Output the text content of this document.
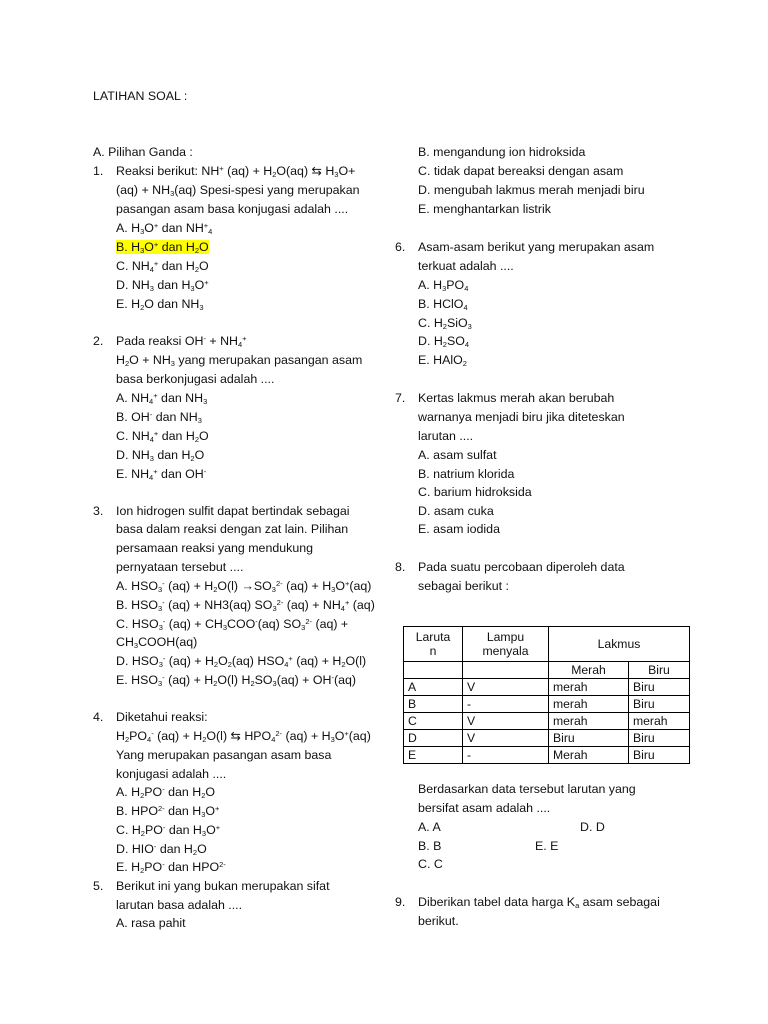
LATIHAN SOAL :
A. Pilihan Ganda :
1. Reaksi berikut: NH+ $(aq) + H_2O(aq)$ ⇆ $H_3O+$
$(aq) + NH_3(aq)$ Spesi-spesi yang merupakan
pasangan asam basa konjugasi adalah ....
A. $H_3O^+$ dan $NH^+_4$
B. $H_3O^+$ dan $H_2O$
C. $NH_4^+$ dan $H_2O$
D. $NH_3$ dan $H_3O^+$
E. $H_2O$ dan $NH_3$
2. Pada reaksi $OH^- + NH_4^+$
$H_2O + NH_3$ yang merupakan pasangan asam
basa berkonjugasi adalah ....
A. $NH_4^+$ dan $NH_3$
B. OH- dan $NH_3$
C. $NH_4^+$ dan $H_2O$
D. $NH_3$ dan $H_2O$
E. $NH_4^+$ dan OH-
3. Ion hidrogen sulfit dapat bertindak sebagai
basa dalam reaksi dengan zat lain. Pilihan
persamaan reaksi yang mendukung
pernyataan tersebut ....
A. $HSO_3^-$ $(aq) + H_2O(l) \to SO_3^{2-}$ $(aq) + H_3O^+(aq)$
B. $HSO_3^-$ (aq) + NH3(aq) $SO_3^{2-}$ $(aq) + NH_4^+$ (aq)
C. $HSO_3^-$ $(aq) + CH_3COO^-(aq)$ $SO_3^{2-}$ (aq) +
$CH_3COOH(aq)$
D. $HSO_3^-$ $(aq) + H_2O_2(aq)$ $HSO_4^+$ $(aq) + H_2O(l)$
E. $HSO_3^-$ $(aq) + H_2O(l) H_2SO_3(aq) + OH^-(aq)$
4. Diketahui reaksi:
$H_2PO_4^-$ $(aq) + H_2O(l)$ ⇆ $HPO_4^{2-}$ $(aq) + H_3O^+(aq)$
Yang merupakan pasangan asam basa
konjugasi adalah ....
A. $H_2PO^-$ dan $H_2O$
B. $HPO^{2-}$ dan $H_3O^+$
C. $H_2PO^-$ dan $H_3O^+$
D. HIO- dan $H_2O$
E. $H_2PO^-$ dan $HPO^{2-}$
5. Berikut ini yang bukan merupakan sifat
larutan basa adalah ....
A. rasa pahit
B. mengandung ion hidroksida
C. tidak dapat bereaksi dengan asam
D. mengubah lakmus merah menjadi biru
E. menghantarkan listrik
6. Asam-asam berikut yang merupakan asam
terkuat adalah ....
A. $H_3PO_4$
B. HClO$_4$
C. $H_2SiO_3$
D. $H_2SO_4$
E. HAlO$_2$
7. Kertas lakmus merah akan berubah
warnanya menjadi biru jika diteteskan
larutan ....
A. asam sulfat
B. natrium klorida
C. barium hidroksida
D. asam cuka
E. asam iodida
8. Pada suatu percobaan diperoleh data
sebagai berikut :
Laruta
n	Lampu
menyala	Lakmus	
		Merah	Biru
A	V	merah	Biru
B	-	merah	Biru
C	V	merah	merah
D	V	Biru	Biru
E	-	Merah	Biru
Berdasarkan data tersebut larutan yang
bersifat asam adalah ....
A. A	D. D
B. B	E. E
C. C
9. Diberikan tabel data harga $K_a$ asam sebagai
berikut.
